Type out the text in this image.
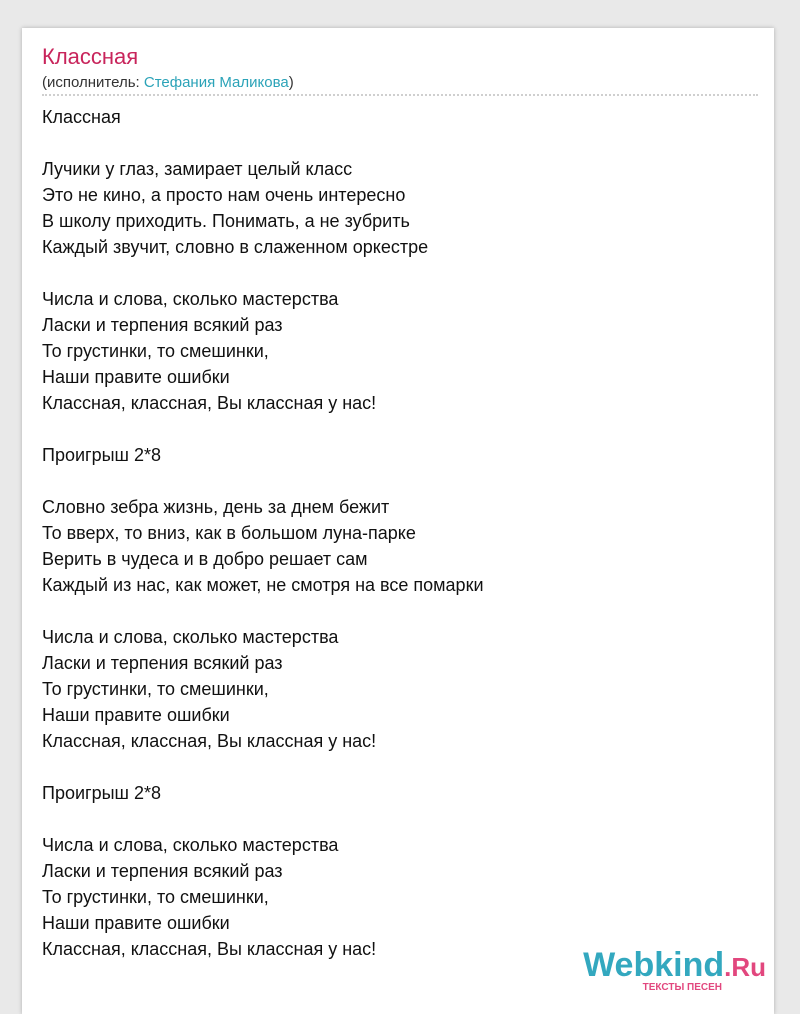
Классная
(исполнитель: Стефания Маликова)
Классная
Лучики у глаз, замирает целый класс
Это не кино, а просто нам очень интересно
В школу приходить. Понимать, а не зубрить
Каждый звучит, словно в слаженном оркестре
Числа и слова, сколько мастерства
Ласки и терпения всякий раз
То грустинки, то смешинки,
Наши правите ошибки
Классная, классная, Вы классная у нас!
Проигрыш 2*8
Словно зебра жизнь, день за днем бежит
То вверх, то вниз, как в большом луна-парке
Верить в чудеса и в добро решает сам
Каждый из нас, как может, не смотря на все помарки
Числа и слова, сколько мастерства
Ласки и терпения всякий раз
То грустинки, то смешинки,
Наши правите ошибки
Классная, классная, Вы классная у нас!
Проигрыш 2*8
Числа и слова, сколько мастерства
Ласки и терпения всякий раз
То грустинки, то смешинки,
Наши правите ошибки
Классная, классная, Вы классная у нас!	Webkind.Ru
ТЕКСТЫ ПЕСЕН
